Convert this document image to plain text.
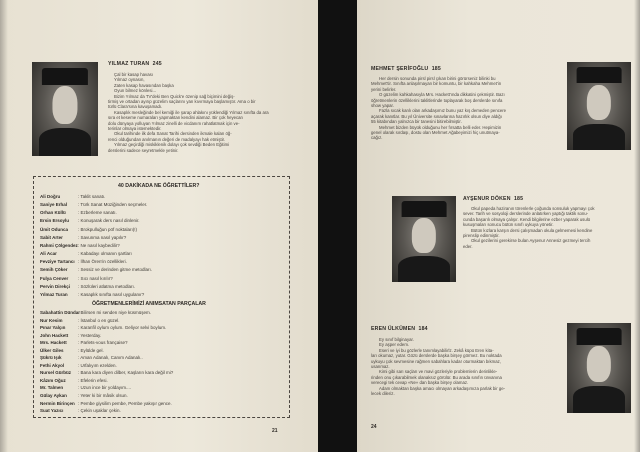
YILMAZ TURAN 245
Çal bir kasap havası
Yılmaz oynasın,
Zaten kasap havasından başka
Oyun bilmez könlesi...
Bizim Yılmaz da TV'deki Ben Quick'e özenip sağ biçimini değiş-
tirmiş ve ortadan ayırıp güzelim saçlarını yan kıvırmaya başlamıştır. Ama o bir
türlü Clara'sına kavuşamadı.
Kasaplık mesleğinde bel kemiği ile şarap ahlakını yüklendiği Yılmaz sınıfta da ara
sıra et keseme numaraları yapmaktan kendini alamaz. Bir çok heyecan
dolu dünyaya yolluyan Yılmaz zinelli de vicdanım rahatlatmak için ve-
terinlar olmaya istemektedir.
Okul tarihinde ilk defa Sanat Tarihi dersinden ikmale kalan öğ-
renci olduğundan anılmanın değeri de madalyayı hak etmiştir.
Yılmaz geçirdiği miskiklenik dolayı çok sevdiği Beden Eğitimi
derslerini sadece seyretmekle yetinir.
40 DAKİKADA NE ÖĞRETTİLER?
Ali Doğru	: Taklit sanatı.
Saniye Erhal : Türk Sanat Müziğinden seçmeler.
Orhan Küllü	: Ezberleme sanatı.
Ersin Ersoylu : Konuşarak ders nasıl dinlenir.
Ümit Odunca : Brokpulluğun pöf noktaları(!)
Sabit Arter	: Savunma nasıl yapılır?
Rahmi Çölgendez: Ne nasıl kaybedilir?
Ali Acar	: Kabadayı olmanın şartları
Fevziye Tartancı : İlhan Ören'in özellikleri.
Semih Çöker : Sessiz ve derinden gitme metodları.
Fulya Cenver : Sıcı nasıl kırılır?
Pervin Direkçi : Sözlüleri atlatma metodları.
Yılmaz Turan : Kasaplık sınıfta nasıl uygulanır?
ÖĞRETMENLERİMİZİ ANIMSATAN PARÇALAR
Sabahattin Dündar: Bilirsen mi senden niye küsmüşem.
Nur Kesim	: İstanbul o en güzel.
Pınar Yalçın	: Karanfil oylum oylum. Geliyor selvi boylum.
John Hackett : Yesterday.
Mrs. Hackett : Parlets-vous française?
Ülker Giles	: Eylülde gel.
Şükrü Işık	: Aman Adanalı, Canım Adanalı..
Fethi Akyol	: Urfalıyım ezelden.
Nursel Gürbüz : Bana kara diyen dilber, Kaşların kara değil mi?
Kâzım Oğuz	: Efelerin efesi.
Mr. Talmen	: Uzun ince bir yoldayım....
Gülay Aykan : Yeter ki bir mâsik olsun.
Nermin Birinçen : Pembe giysilim pembe, Pembe yakışır gence.
Suat Yazıcı	: Çekin uşaklar çekin.
21
MEHMET ŞERİFOĞLU 185
Her dersin sonunda pirsl pirsl çıkan birini görürseniz bilinki bu
Mehmet'tir. Sınıfta anlaşılmayan bir komuntu, bir kahkaha Mehmet'in
yerini belirler.
O güzelim kahkahasıyla Mrs. Hackett'ında dikkatini çekmiştir. Bazı
öğretmenlerin özelliklerini taklitlerinde toplayarak boş derslerde sınıfa
show yapar.
Fazla sıcak kanlı olan arkadaşımız bunu yaz kış demeden pencere
açarak kanıtlar. Bu yıl Üniversite sınavlarına hazırlık olsun diye aldığı
55 kitabından yalnızca bir tanesini bitirebilmiştir.
Mehmet bizden büyük olduğunu her fırsatta belli eder. Hepimizin
genel olarak sırdaşı, dostu olan Mehmet Ağabeyimizi hiç unutmaya-
cağız.
AYŞENUR DÖKEN 185
Okul papeda haziranın törenlerle çoğunda sonsuluk yapmayı çok
sever. Tarih ve sosyoloji derslerinde anlatırken yaptığı taktik sonu-
cunda başarılı olmaya çalışır. Kendi bilgilerine ezber yaparak usulü
kusuşmaları sonucu bütün sınıfı uykuya yönetir.
Bütün kızlara karşın dersi çalışmadan okula gelmemesi kendine
pirenslip edinmiştir.
Okul gezilerini gerekirse bulan Ayşenur Annesiz gezmeyi tercih
eder.
EREN ÜLKÜMEN 184
Ey sınıf bilginayar.
Ey aşper edem.
Eseri ve iyi bu gözlerle tanımlayabilirlz. Zekâ küpü Eren kita-
ları okumaz, yutar. Gözü derslerde başka birşey görmez. Bu noktada
uykuyu çok sevmesine rağmen sabahlara kadar oturmaktan bıkmaz,
usanmaz.
Kimi gibi sarı saçları ve mavi gözleriyle problemlerin derinlikle-
rinden onu çıkarabilmek olanaksız görülür. Bu arada sınıfın ünvanına
verecegi tek cevap «Ne» dan başka birşey olamaz.
Adam olmaktan başka amacı olmayan arkadaşımıza parlak bir ge-
lecek dileriz.
24
